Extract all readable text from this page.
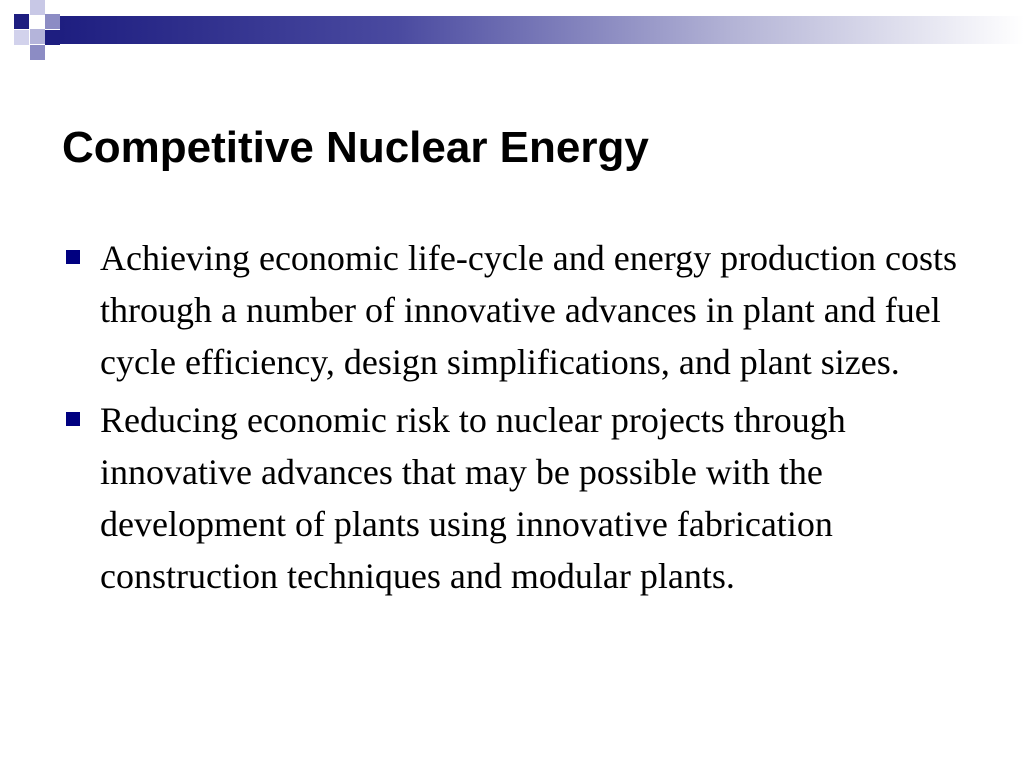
Competitive Nuclear Energy
Achieving economic life-cycle and energy production costs through a number of innovative advances in plant and fuel cycle efficiency, design simplifications, and plant sizes.
Reducing economic risk to nuclear projects through innovative advances that may be possible with the development of plants using innovative fabrication construction techniques and modular plants.
